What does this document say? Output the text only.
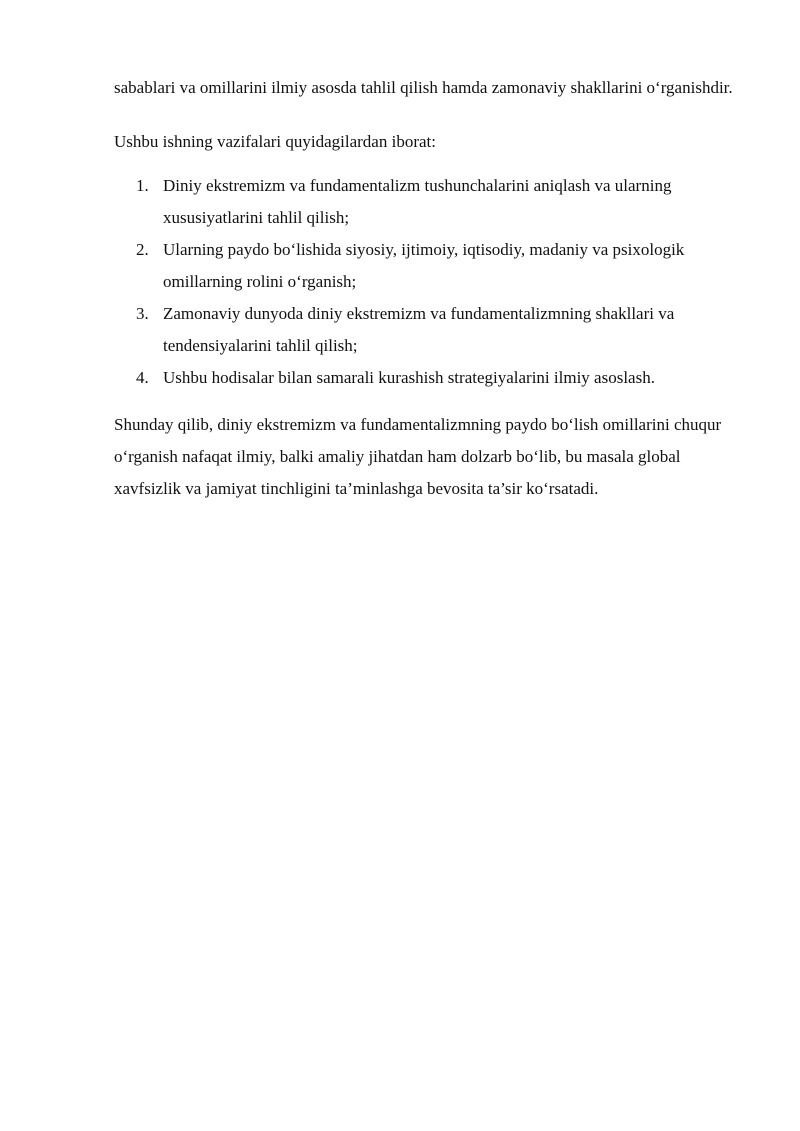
sabablari va omillarini ilmiy asosda tahlil qilish hamda zamonaviy shakllarini o‘rganishdir.

Ushbu ishning vazifalari quyidagilardan iborat:

1. Diniy ekstremizm va fundamentalizm tushunchalarini aniqlash va ularning xususiyatlarini tahlil qilish;
2. Ularning paydo bo‘lishida siyosiy, ijtimoiy, iqtisodiy, madaniy va psixologik omillarning rolini o‘rganish;
3. Zamonaviy dunyoda diniy ekstremizm va fundamentalizmning shakllari va tendensiyalarini tahlil qilish;
4. Ushbu hodisalar bilan samarali kurashish strategiyalarini ilmiy asoslash.

Shunday qilib, diniy ekstremizm va fundamentalizmning paydo bo‘lish omillarini chuqur o‘rganish nafaqat ilmiy, balki amaliy jihatdan ham dolzarb bo‘lib, bu masala global xavfsizlik va jamiyat tinchligini ta’minlashga bevosita ta’sir ko‘rsatadi.
